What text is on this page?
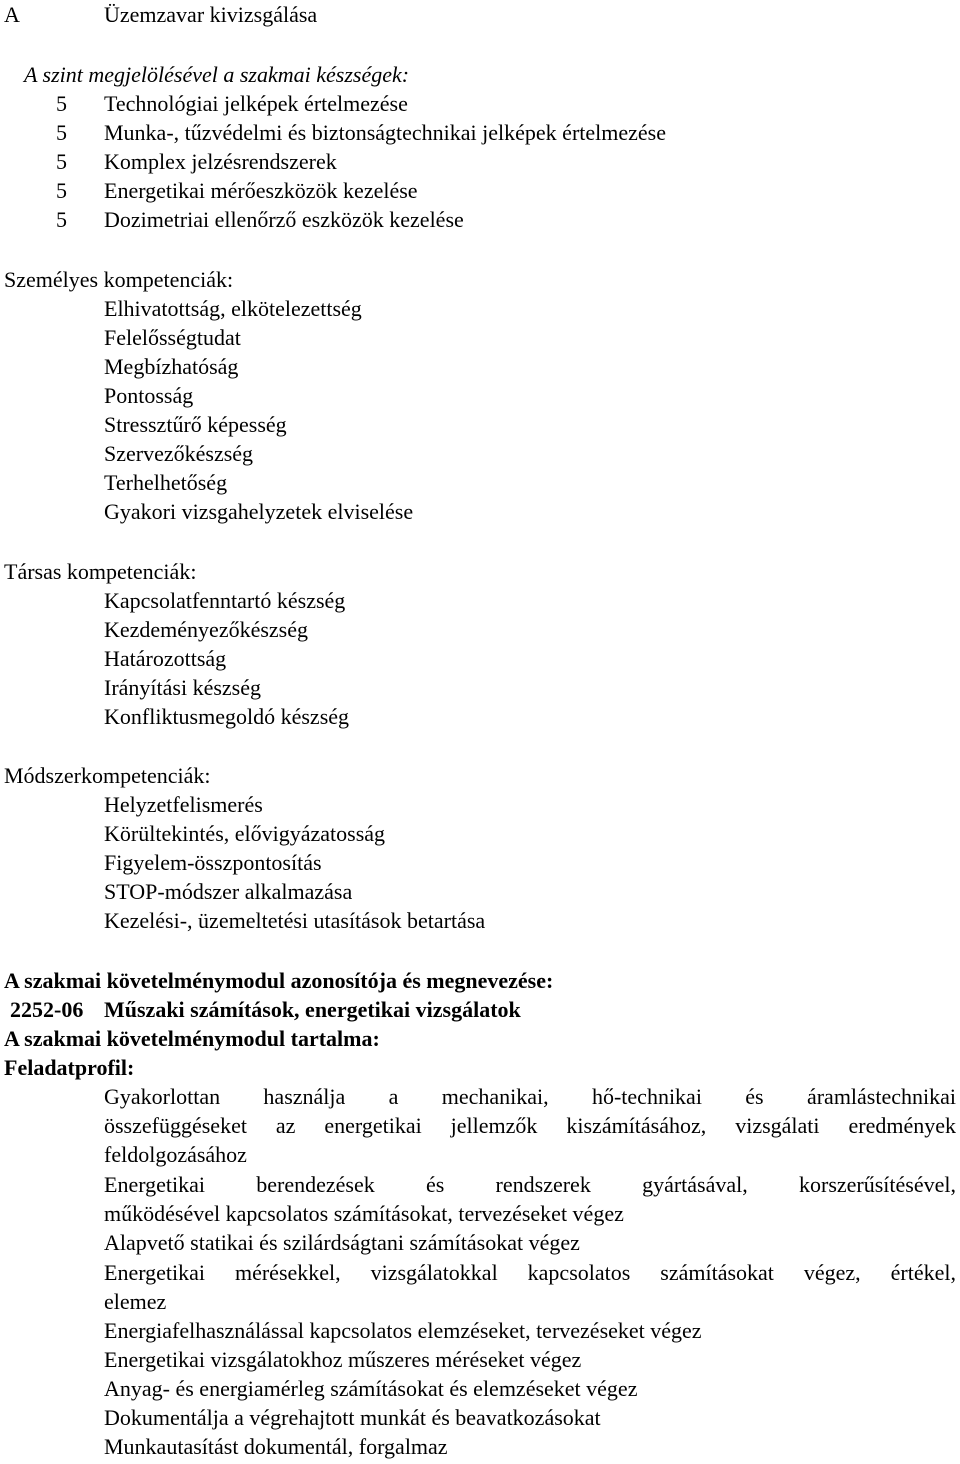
A	Üzemzavar kivizsgálása
A szint megjelölésével a szakmai készségek:
5 Technológiai jelképek értelmezése
5 Munka-, tűzvédelmi és biztonságtechnikai jelképek értelmezése
5 Komplex jelzésrendszerek
5 Energetikai mérőeszközök kezelése
5 Dozimetriai ellenőrző eszközök kezelése
Személyes kompetenciák:
Elhivatottság, elkötelezettség
Felelősségtudat
Megbízhatóság
Pontosság
Stressztűrő képesség
Szervezőkészség
Terhelhetőség
Gyakori vizsgahelyzetek elviselése
Társas kompetenciák:
Kapcsolatfenntartó készség
Kezdeményezőkészség
Határozottság
Irányítási készség
Konfliktusmegoldó készség
Módszerkompetenciák:
Helyzetfelismerés
Körültekintés, elővigyázatosság
Figyelem-összpontosítás
STOP-módszer alkalmazása
Kezelési-, üzemeltetési utasítások betartása
A szakmai követelménymodul azonosítója és megnevezése:
2252-06 Műszaki számítások, energetikai vizsgálatok
A szakmai követelménymodul tartalma:
Feladatprofil:
Gyakorlottan használja a mechanikai, hő-technikai és áramlástechnikai
összefüggéseket az energetikai jellemzők kiszámításához, vizsgálati eredmények
feldolgozásához
Energetikai berendezések és rendszerek gyártásával, korszerűsítésével,
működésével kapcsolatos számításokat, tervezéseket végez
Alapvető statikai és szilárdságtani számításokat végez
Energetikai mérésekkel, vizsgálatokkal kapcsolatos számításokat végez, értékel,
elemez
Energiafelhasználással kapcsolatos elemzéseket, tervezéseket végez
Energetikai vizsgálatokhoz műszeres méréseket végez
Anyag- és energiamérleg számításokat és elemzéseket végez
Dokumentálja a végrehajtott munkát és beavatkozásokat
Munkautasítást dokumentál, forgalmaz
